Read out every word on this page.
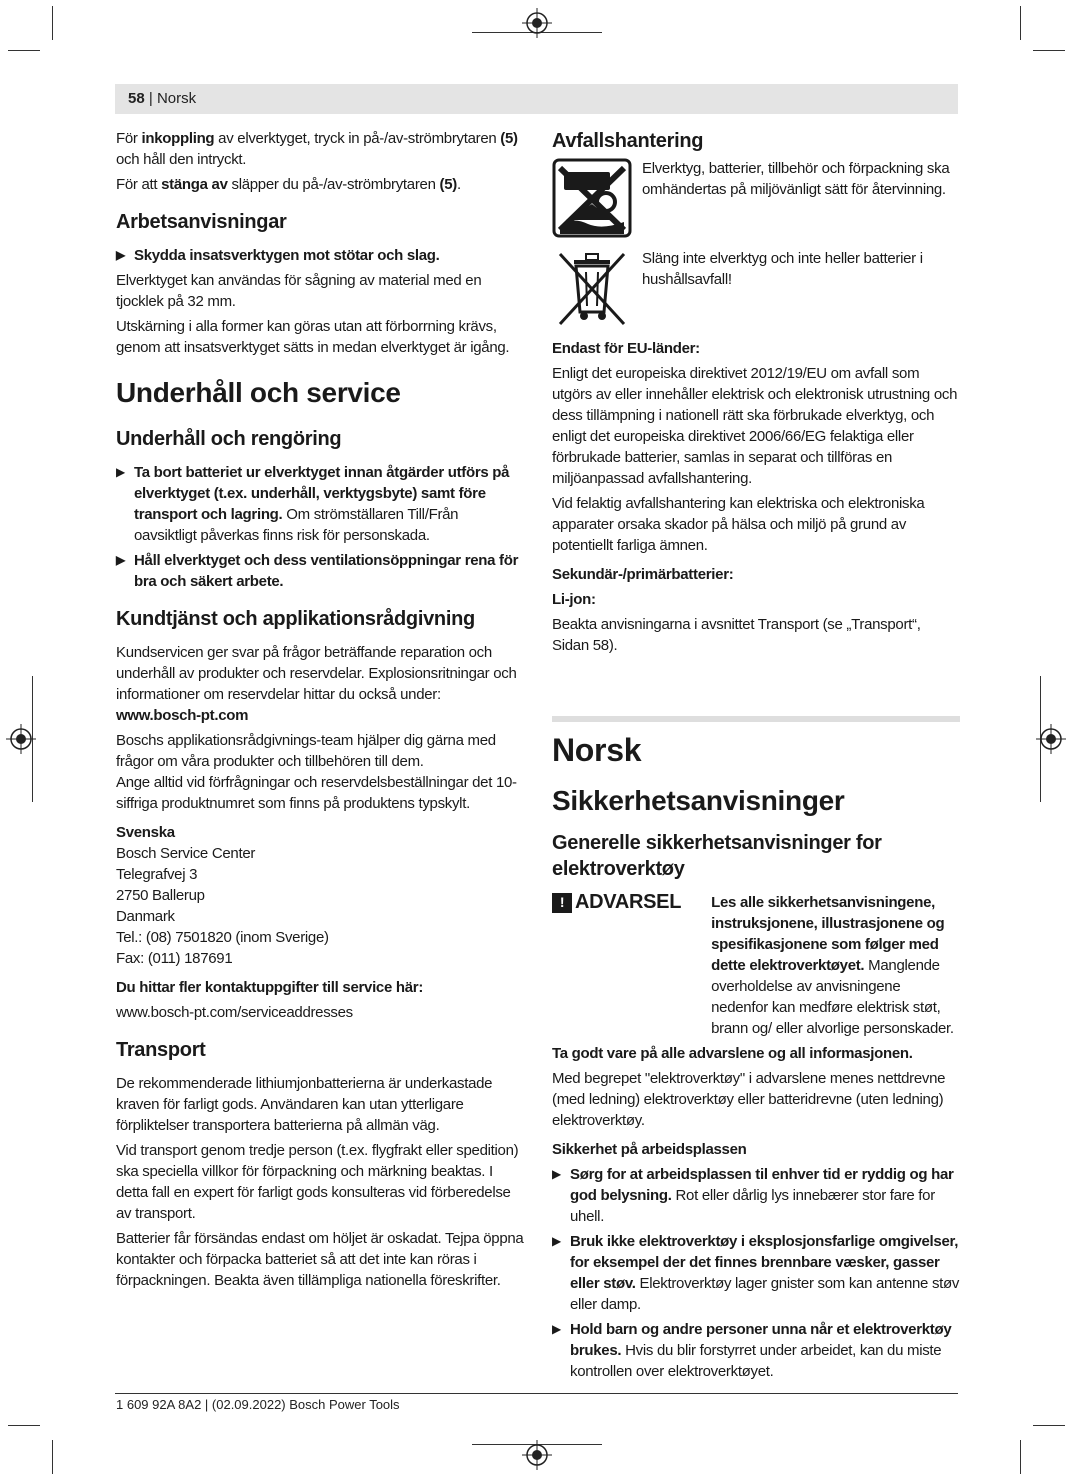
58 | Norsk

För inkoppling av elverktyget, tryck in på-/av-strömbrytaren (5) och håll den intryckt.

För att stänga av släpper du på-/av-strömbrytaren (5).

Arbetsanvisningar

▶ Skydda insatsverktygen mot stötar och slag.

Elverktyget kan användas för sågning av material med en tjocklek på 32 mm.

Utskärning i alla former kan göras utan att förborrning krävs, genom att insatsverktyget sätts in medan elverktyget är igång.

Underhåll och service
Underhåll och rengöring

▶ Ta bort batteriet ur elverktyget innan åtgärder utförs på elverktyget (t.ex. underhåll, verktygsbyte) samt före transport och lagring. Om strömställaren Till/Från oavsiktligt påverkas finns risk för personskada.

▶ Håll elverktyget och dess ventilationsöppningar rena för bra och säkert arbete.

Kundtjänst och applikationsrådgivning

Kundservicen ger svar på frågor beträffande reparation och underhåll av produkter och reservdelar. Explosionsritningar och informationer om reservdelar hittar du också under:

www.bosch-pt.com

Boschs applikationsrådgivnings-team hjälper dig gärna med frågor om våra produkter och tillbehören till dem.

Ange alltid vid förfrågningar och reservdelsbeställningar det 10-siffriga produktnumret som finns på produktens typskylt.

Svenska

Bosch Service Center
Telegrafvej 3
2750 Ballerup
Danmark
Tel.: (08) 7501820 (inom Sverige)
Fax: (011) 187691

Du hittar fler kontaktuppgifter till service här:

www.bosch-pt.com/serviceaddresses

Transport

De rekommenderade lithiumjonbatterierna är underkastade kraven för farligt gods. Användaren kan utan ytterligare förpliktelser transportera batterierna på allmän väg.

Vid transport genom tredje person (t.ex. flygfrakt eller spedition) ska speciella villkor för förpackning och märkning beaktas. I detta fall en expert för farligt gods konsulteras vid förberedelse av transport.

Batterier får försändas endast om höljet är oskadat. Tejpa öppna kontakter och förpacka batteriet så att det inte kan röras i förpackningen. Beakta även tillämpliga nationella föreskrifter.

Avfallshantering
Elverktyg, batterier, tillbehör och förpackning ska omhändertas på miljövänligt sätt för återvinning.
Släng inte elverktyg och inte heller batterier i hushållsavfall!

Endast för EU-länder:

Enligt det europeiska direktivet 2012/19/EU om avfall som utgörs av eller innehåller elektrisk och elektronisk utrustning och dess tillämpning i nationell rätt ska förbrukade elverktyg, och enligt det europeiska direktivet 2006/66/EG felaktiga eller förbrukade batterier, samlas in separat och tillföras en miljöanpassad avfallshantering.

Vid felaktig avfallshantering kan elektriska och elektroniska apparater orsaka skador på hälsa och miljö på grund av potentiellt farliga ämnen.

Sekundär-/primärbatterier:

Li-jon:

Beakta anvisningarna i avsnittet Transport (se „Transport“, Sidan 58).

Norsk
Sikkerhetsanvisninger
Generelle sikkerhetsanvisninger for elektroverktøy
! ADVARSEL Les alle sikkerhetsanvisningene, instruksjonene, illustrasjonene og spesifikasjonene som følger med dette elektroverktøyet. Manglende overholdelse av anvisningene nedenfor kan medføre elektrisk støt, brann og/ eller alvorlige personskader.

Ta godt vare på alle advarslene og all informasjonen.

Med begrepet "elektroverktøy" i advarslene menes nettdrevne (med ledning) elektroverktøy eller batteridrevne (uten ledning) elektroverktøy.

Sikkerhet på arbeidsplassen

▶ Sørg for at arbeidsplassen til enhver tid er ryddig og har god belysning. Rot eller dårlig lys innebærer stor fare for uhell.

▶ Bruk ikke elektroverktøy i eksplosjonsfarlige omgivelser, for eksempel der det finnes brennbare væsker, gasser eller støv. Elektroverktøy lager gnister som kan antenne støv eller damp.

▶ Hold barn og andre personer unna når et elektroverktøy brukes. Hvis du blir forstyrret under arbeidet, kan du miste kontrollen over elektroverktøyet.

1 609 92A 8A2 | (02.09.2022) Bosch Power Tools
